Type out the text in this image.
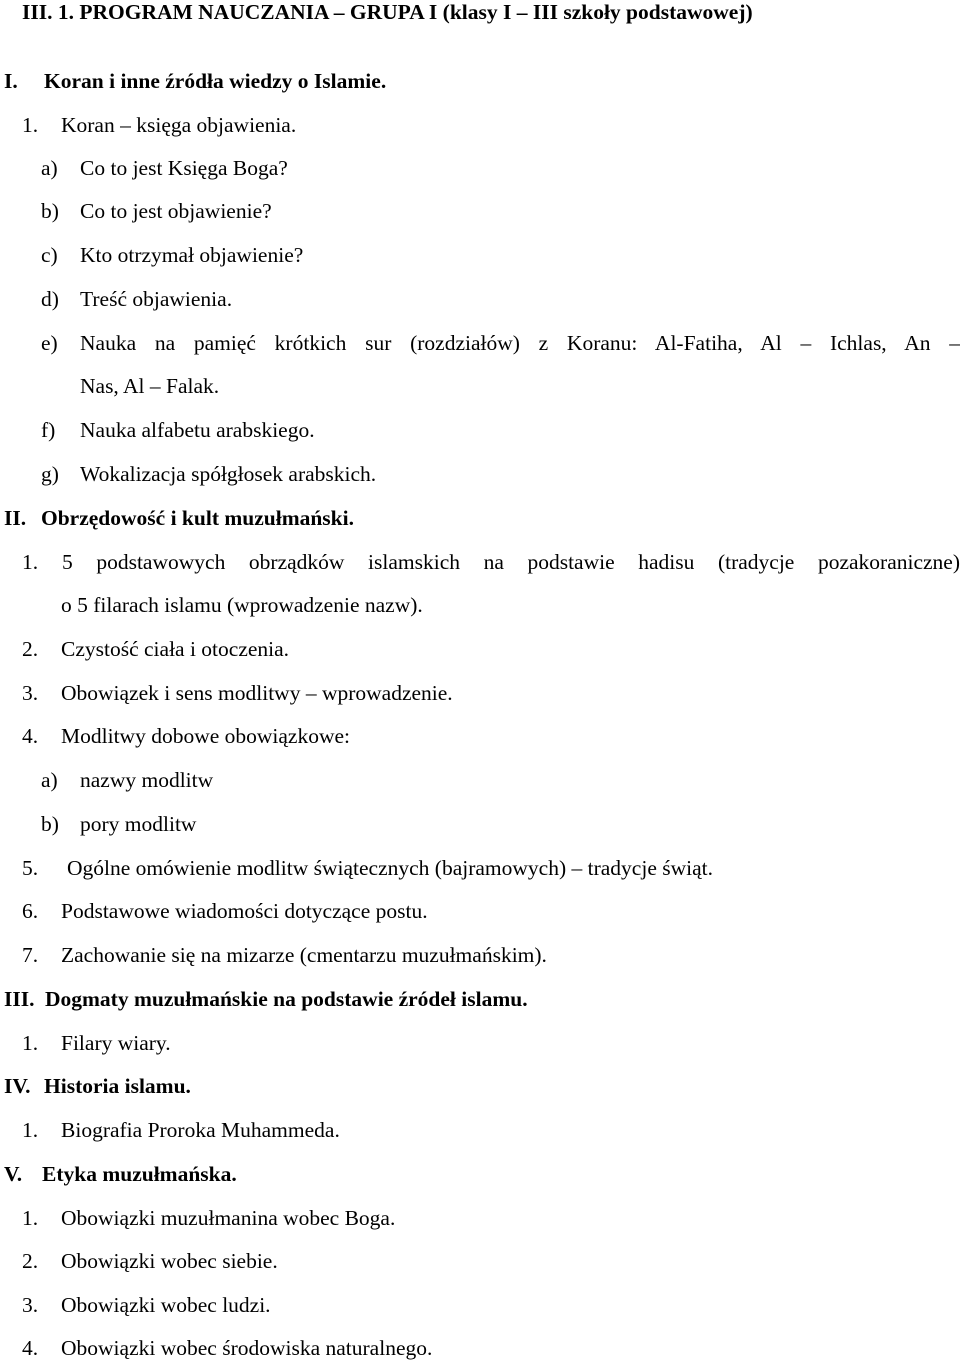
III. 1. PROGRAM NAUCZANIA – GRUPA I (klasy I – III szkoły podstawowej)
I. Koran i inne źródła wiedzy o Islamie.
1. Koran – księga objawienia.
a) Co to jest Księga Boga?
b) Co to jest objawienie?
c) Kto otrzymał objawienie?
d) Treść objawienia.
e) Nauka na pamięć krótkich sur (rozdziałów) z Koranu: Al-Fatiha, Al – Ichlas, An –
Nas, Al – Falak.
f) Nauka alfabetu arabskiego.
g) Wokalizacja spółgłosek arabskich.
II. Obrzędowość i kult muzułmański.
1. 5 podstawowych obrządków islamskich na podstawie hadisu (tradycje pozakoraniczne)
o 5 filarach islamu (wprowadzenie nazw).
2. Czystość ciała i otoczenia.
3. Obowiązek i sens modlitwy – wprowadzenie.
4. Modlitwy dobowe obowiązkowe:
a) nazwy modlitw
b) pory modlitw
5. Ogólne omówienie modlitw świątecznych (bajramowych) – tradycje świąt.
6. Podstawowe wiadomości dotyczące postu.
7. Zachowanie się na mizarze (cmentarzu muzułmańskim).
III. Dogmaty muzułmańskie na podstawie źródeł islamu.
1. Filary wiary.
IV. Historia islamu.
1. Biografia Proroka Muhammeda.
V. Etyka muzułmańska.
1. Obowiązki muzułmanina wobec Boga.
2. Obowiązki wobec siebie.
3. Obowiązki wobec ludzi.
4. Obowiązki wobec środowiska naturalnego.
